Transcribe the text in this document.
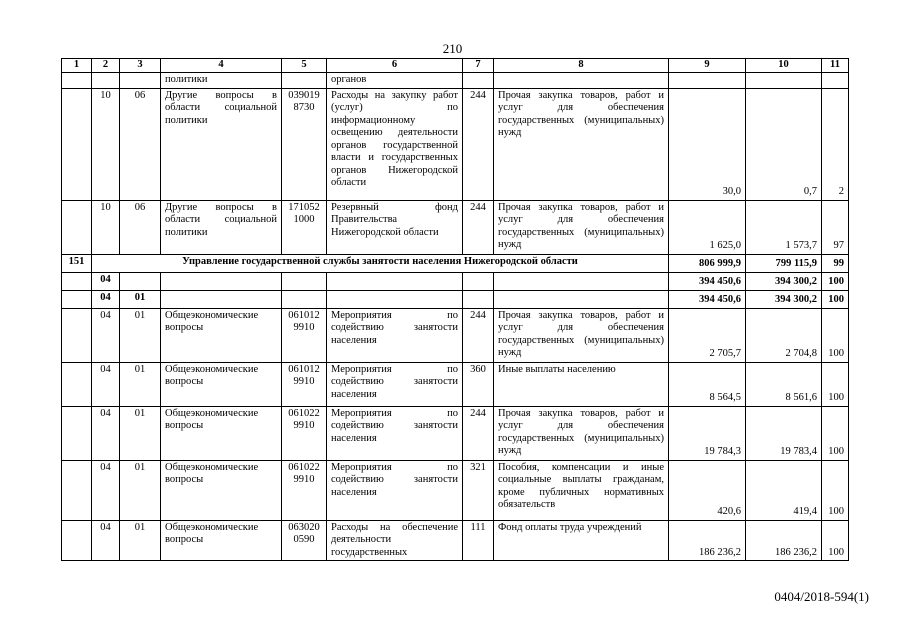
210
1	2	3	4	5	6	7	8	9	10	11
			политики		органов					
	10	06	Другие вопросы в области социальной политики	039019 8730	Расходы на закупку работ (услуг) по информационному освещению деятельности органов государственной власти и государственных органов Нижегородской области	244	Прочая закупка товаров, работ и услуг для обеспечения государственных (муниципальных) нужд	30,0	0,7	2
	10	06	Другие вопросы в области социальной политики	171052 1000	Резервный фонд Правительства Нижегородской области	244	Прочая закупка товаров, работ и услуг для обеспечения государственных (муниципальных) нужд	1 625,0	1 573,7	97
151	Управление государственной службы занятости населения Нижегородской области							806 999,9	799 115,9	99
	04							394 450,6	394 300,2	100
	04	01						394 450,6	394 300,2	100
	04	01	Общеэкономические вопросы	061012 9910	Мероприятия по содействию занятости населения	244	Прочая закупка товаров, работ и услуг для обеспечения государственных (муниципальных) нужд	2 705,7	2 704,8	100
	04	01	Общеэкономические вопросы	061012 9910	Мероприятия по содействию занятости населения	360	Иные выплаты населению	8 564,5	8 561,6	100
	04	01	Общеэкономические вопросы	061022 9910	Мероприятия по содействию занятости населения	244	Прочая закупка товаров, работ и услуг для обеспечения государственных (муниципальных) нужд	19 784,3	19 783,4	100
	04	01	Общеэкономические вопросы	061022 9910	Мероприятия по содействию занятости населения	321	Пособия, компенсации и иные социальные выплаты гражданам, кроме публичных нормативных обязательств	420,6	419,4	100
	04	01	Общеэкономические вопросы	063020 0590	Расходы на обеспечение деятельности государственных	111	Фонд оплаты труда учреждений	186 236,2	186 236,2	100
0404/2018-594(1)
